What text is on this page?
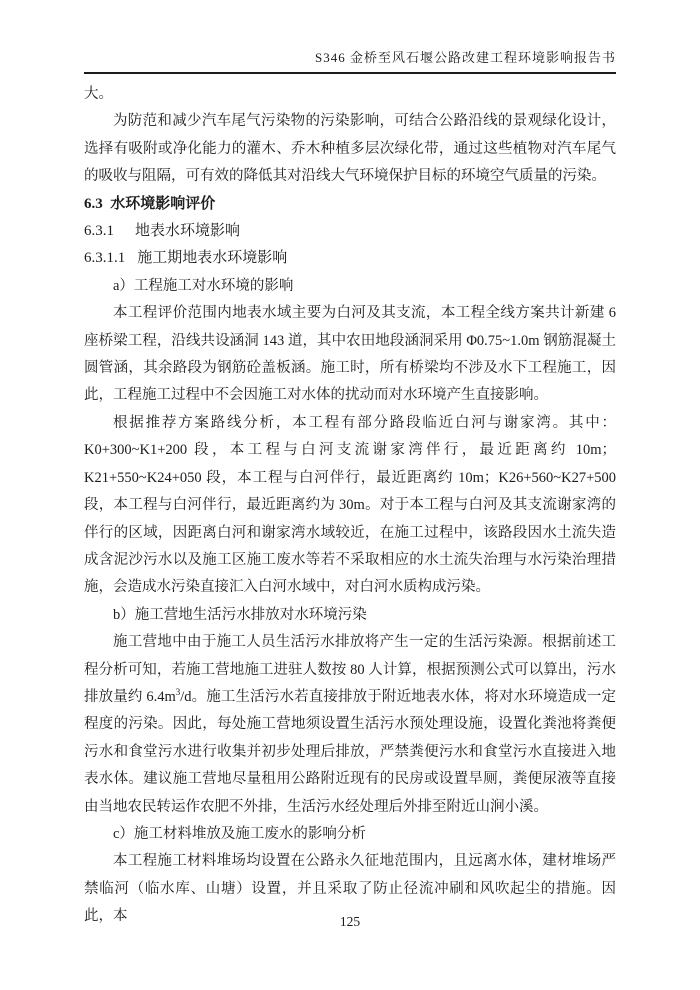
S346 金桥至风石堰公路改建工程环境影响报告书

大。

为防范和减少汽车尾气污染物的污染影响，可结合公路沿线的景观绿化设计，选择有吸附或净化能力的灌木、乔木种植多层次绿化带，通过这些植物对汽车尾气的吸收与阻隔，可有效的降低其对沿线大气环境保护目标的环境空气质量的污染。

6.3 水环境影响评价

6.3.1 地表水环境影响

6.3.1.1 施工期地表水环境影响

a）工程施工对水环境的影响

本工程评价范围内地表水域主要为白河及其支流，本工程全线方案共计新建 6 座桥梁工程，沿线共设涵洞 143 道，其中农田地段涵洞采用 Φ0.75~1.0m 钢筋混凝土圆管涵，其余路段为钢筋砼盖板涵。施工时，所有桥梁均不涉及水下工程施工，因此，工程施工过程中不会因施工对水体的扰动而对水环境产生直接影响。

根据推荐方案路线分析，本工程有部分路段临近白河与谢家湾。其中：K0+300~K1+200 段，本工程与白河支流谢家湾伴行，最近距离约 10m；K21+550~K24+050 段，本工程与白河伴行，最近距离约 10m；K26+560~K27+500 段，本工程与白河伴行，最近距离约为 30m。对于本工程与白河及其支流谢家湾的伴行的区域，因距离白河和谢家湾水域较近，在施工过程中，该路段因水土流失造成含泥沙污水以及施工区施工废水等若不采取相应的水土流失治理与水污染治理措施，会造成水污染直接汇入白河水域中，对白河水质构成污染。

b）施工营地生活污水排放对水环境污染

施工营地中由于施工人员生活污水排放将产生一定的生活污染源。根据前述工程分析可知，若施工营地施工进驻人数按 80 人计算，根据预测公式可以算出，污水排放量约 $6.4m^3/d$。施工生活污水若直接排放于附近地表水体，将对水环境造成一定程度的污染。因此，每处施工营地须设置生活污水预处理设施，设置化粪池将粪便污水和食堂污水进行收集并初步处理后排放，严禁粪便污水和食堂污水直接进入地表水体。建议施工营地尽量租用公路附近现有的民房或设置旱厕，粪便尿液等直接由当地农民转运作农肥不外排，生活污水经处理后外排至附近山涧小溪。

c）施工材料堆放及施工废水的影响分析

本工程施工材料堆场均设置在公路永久征地范围内，且远离水体，建材堆场严禁临河（临水库、山塘）设置，并且采取了防止径流冲刷和风吹起尘的措施。因此，本	125
